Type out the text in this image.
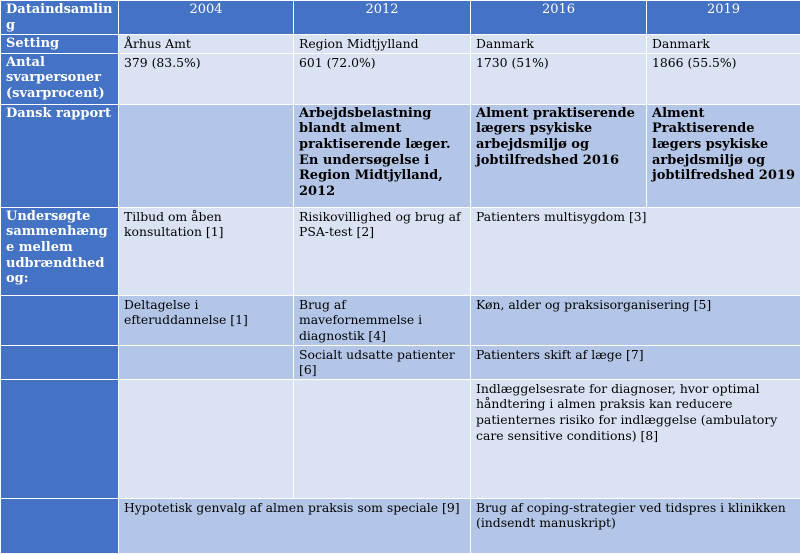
Dataindsamling	2004	2012	2016	2019
Setting	Århus Amt	Region Midtjylland	Danmark	Danmark
Antal svarpersoner (svarprocent)	379 (83.5%)	601 (72.0%)	1730 (51%)	1866 (55.5%)
Dansk rapport		Arbejdsbelastning blandt alment praktiserende læger. En undersøgelse i Region Midtjylland, 2012	Alment praktiserende lægers psykiske arbejdsmiljø og jobtilfredshed 2016	Alment Praktiserende lægers psykiske arbejdsmiljø og jobtilfredshed 2019
Undersøgte sammenhænge mellem udbrændthed og:	Tilbud om åben konsultation [1]	Risikovillighed og brug af PSA-test [2]	Patienters multisygdom [3]	
	Deltagelse i efteruddannelse [1]	Brug af mavefornemmelse i diagnostik [4]	Køn, alder og praksisorganisering [5]	
		Socialt udsatte patienter [6]	Patienters skift af læge [7]	
			Indlæggelsesrate for diagnoser, hvor optimal håndtering i almen praksis kan reducere patienternes risiko for indlæggelse (ambulatory care sensitive conditions) [8]	
	Hypotetisk genvalg af almen praksis som speciale [9]		Brug af coping-strategier ved tidspres i klinikken (indsendt manuskript)	
